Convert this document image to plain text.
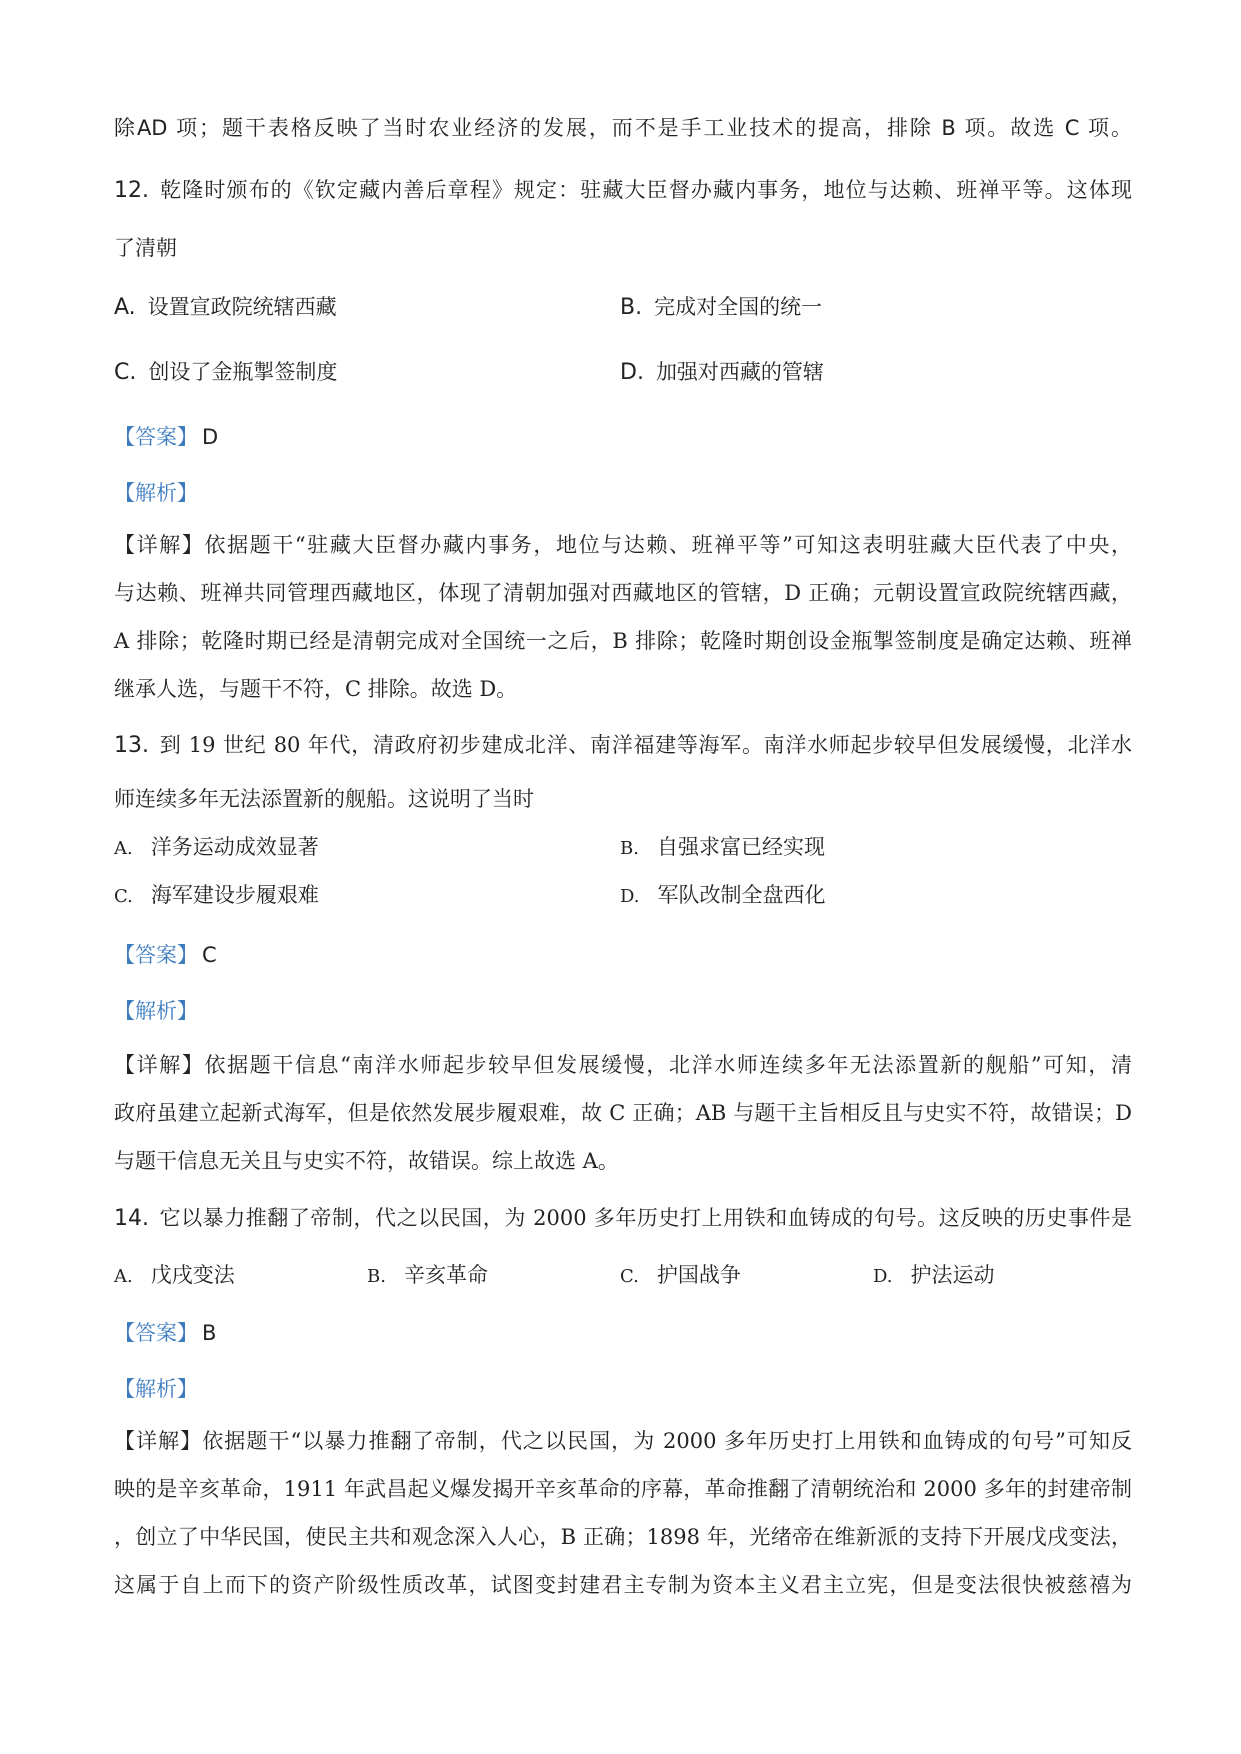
除AD 项；题干表格反映了当时农业经济的发展，而不是手工业技术的提高，排除 B 项。故选 C 项。
12. 乾隆时颁布的《钦定藏内善后章程》规定：驻藏大臣督办藏内事务，地位与达赖、班禅平等。这体现
了清朝
A. 设置宣政院统辖西藏	B. 完成对全国的统一
C. 创设了金瓶掣签制度	D. 加强对西藏的管辖
【答案】 D
【解析】
【详解】依据题干“驻藏大臣督办藏内事务，地位与达赖、班禅平等”可知这表明驻藏大臣代表了中央，
与达赖、班禅共同管理西藏地区，体现了清朝加强对西藏地区的管辖，D 正确；元朝设置宣政院统辖西藏，
A 排除；乾隆时期已经是清朝完成对全国统一之后，B 排除；乾隆时期创设金瓶掣签制度是确定达赖、班禅
继承人选，与题干不符，C 排除。故选 D。
13. 到 19 世纪 80 年代，清政府初步建成北洋、南洋福建等海军。南洋水师起步较早但发展缓慢，北洋水
师连续多年无法添置新的舰船。这说明了当时
A. 洋务运动成效显著	B. 自强求富已经实现
C. 海军建设步履艰难	D. 军队改制全盘西化
【答案】 C
【解析】
【详解】依据题干信息“南洋水师起步较早但发展缓慢，北洋水师连续多年无法添置新的舰船”可知，清
政府虽建立起新式海军，但是依然发展步履艰难，故 C 正确；AB 与题干主旨相反且与史实不符，故错误；D
与题干信息无关且与史实不符，故错误。综上故选 A。
14. 它以暴力推翻了帝制，代之以民国，为 2000 多年历史打上用铁和血铸成的句号。这反映的历史事件是
A. 戊戌变法	B. 辛亥革命	C. 护国战争	D. 护法运动
【答案】 B
【解析】
【详解】依据题干“以暴力推翻了帝制，代之以民国，为 2000 多年历史打上用铁和血铸成的句号”可知反
映的是辛亥革命，1911 年武昌起义爆发揭开辛亥革命的序幕，革命推翻了清朝统治和 2000 多年的封建帝制
，创立了中华民国，使民主共和观念深入人心，B 正确；1898 年，光绪帝在维新派的支持下开展戊戌变法，
这属于自上而下的资产阶级性质改革，试图变封建君主专制为资本主义君主立宪，但是变法很快被慈禧为
